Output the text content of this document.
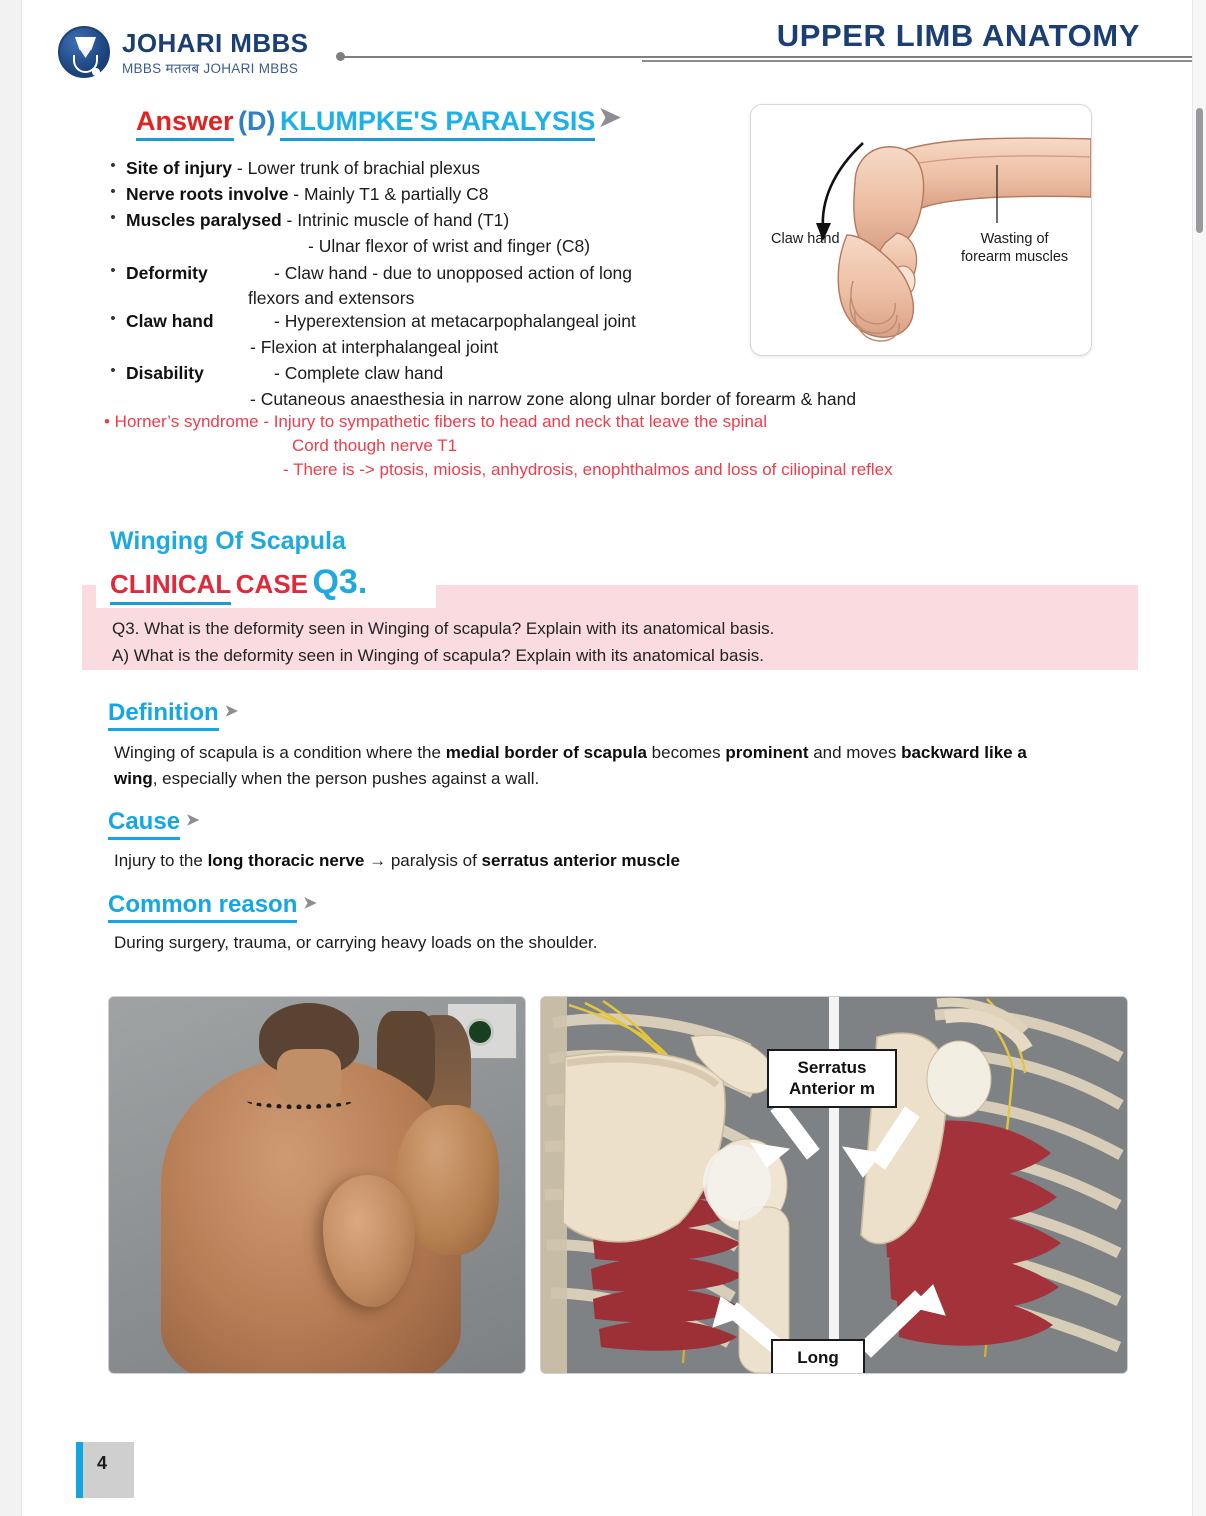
JOHARI MBBS
MBBS मतलब JOHARI MBBS
UPPER LIMB ANATOMY
Answer (D) KLUMPKE'S PARALYSIS ➤
• Site of injury - Lower trunk of brachial plexus
• Nerve roots involve - Mainly T1 & partially C8
• Muscles paralysed - Intrinic muscle of hand (T1)
- Ulnar flexor of wrist and finger (C8)
• Deformity	- Claw hand - due to unopposed action of long
flexors and extensors
• Claw hand	- Hyperextension at metacarpophalangeal joint
- Flexion at interphalangeal joint
• Disability	- Complete claw hand
- Cutaneous anaesthesia in narrow zone along ulnar border of forearm & hand
• Horner’s syndrome - Injury to sympathetic fibers to head and neck that leave the spinal
Cord though nerve T1
- There is -> ptosis, miosis, anhydrosis, enophthalmos and loss of ciliopinal reflex
Claw hand	Wasting of
forearm muscles
Winging Of Scapula
CLINICAL CASE Q3.
Q3. What is the deformity seen in Winging of scapula? Explain with its anatomical basis.
A) What is the deformity seen in Winging of scapula? Explain with its anatomical basis.
Definition ➤
Winging of scapula is a condition where the medial border of scapula becomes prominent and moves backward like a wing, especially when the person pushes against a wall.
Cause ➤
Injury to the long thoracic nerve → paralysis of serratus anterior muscle
Common reason ➤
During surgery, trauma, or carrying heavy loads on the shoulder.
Serratus
Anterior m
Long
4
